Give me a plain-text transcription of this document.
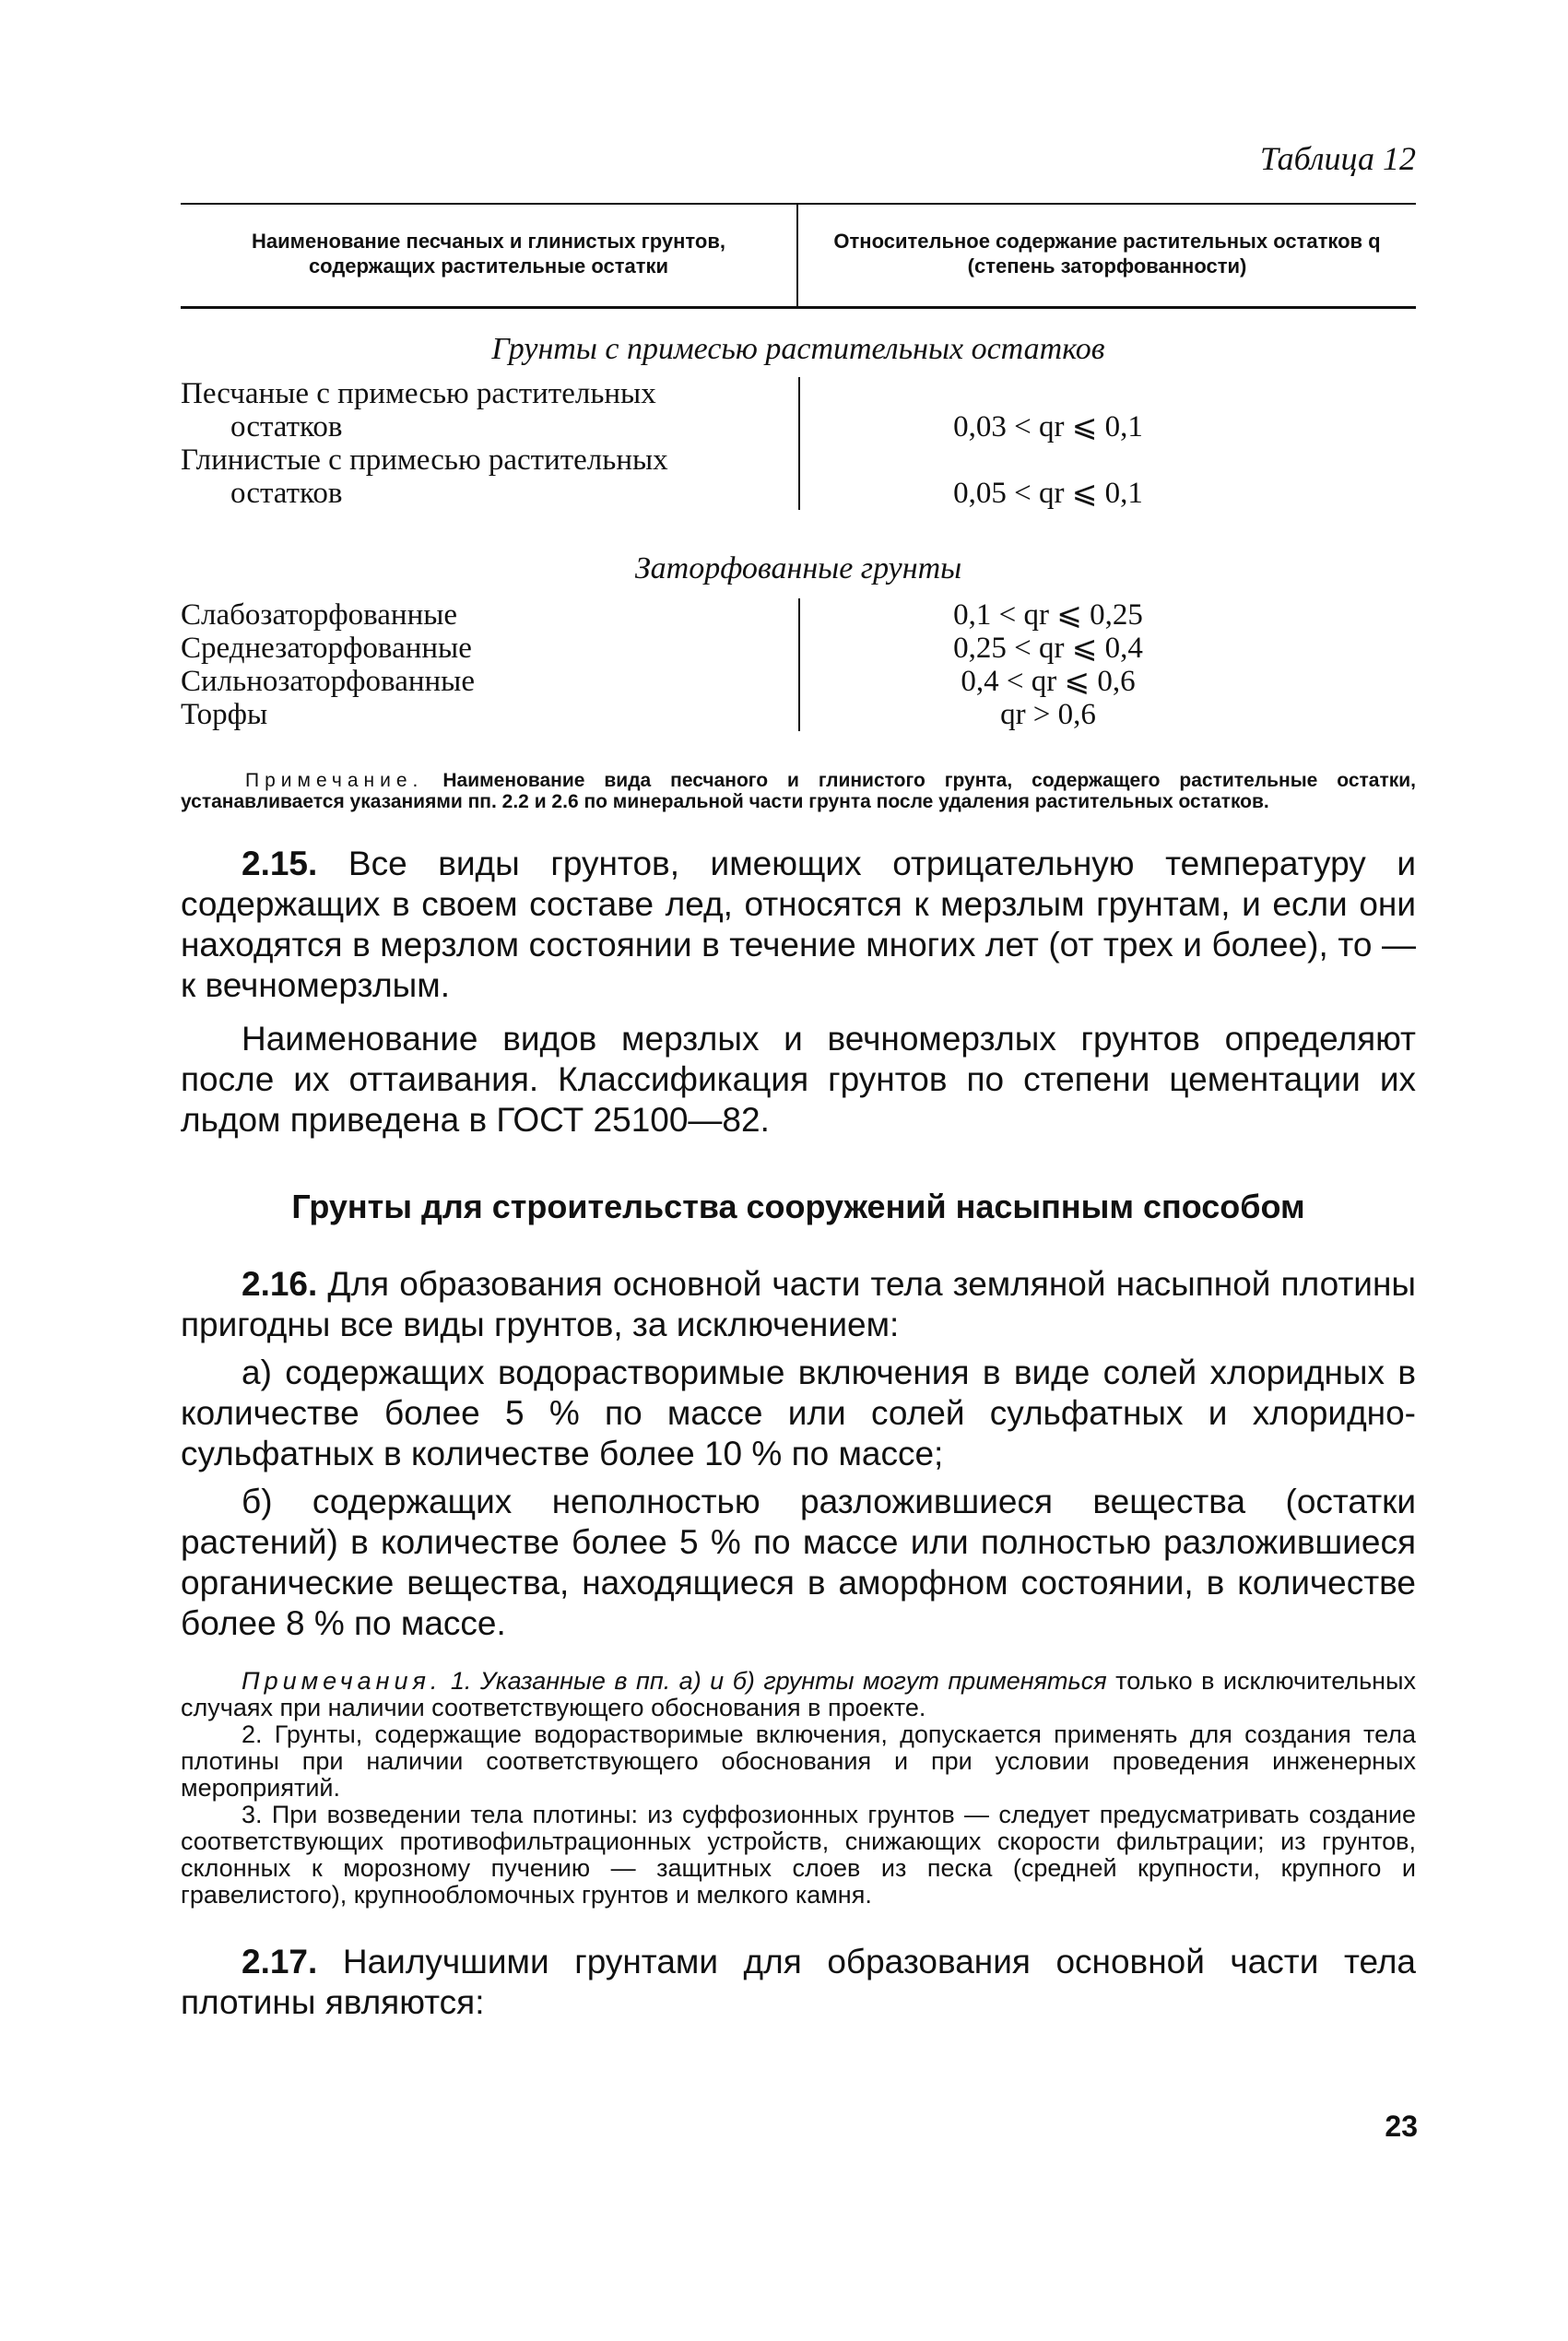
Таблица 12
Наименование песчаных и глинистых грунтов, содержащих растительные остатки
Относительное содержание растительных остатков q (степень заторфованности)
Грунты с примесью растительных остатков
Песчаные с примесью растительных
остатков
Глинистые с примесью растительных
остатков
0,03 < qr ⩽ 0,1
0,05 < qr ⩽ 0,1
Заторфованные грунты
Слабозаторфованные
Среднезаторфованные
Сильнозаторфованные
Торфы
0,1 < qr ⩽ 0,25
0,25 < qr ⩽ 0,4
0,4 < qr ⩽ 0,6
qr > 0,6

Примечание. Наименование вида песчаного и глинистого грунта, содержащего растительные остатки, устанавливается указаниями пп. 2.2 и 2.6 по минеральной части грунта после удаления растительных остатков.

2.15. Все виды грунтов, имеющих отрицательную температуру и содержащих в своем составе лед, относятся к мерзлым грунтам, и если они находятся в мерзлом состоянии в течение многих лет (от трех и более), то — к вечномерзлым.

Наименование видов мерзлых и вечномерзлых грунтов определяют после их оттаивания. Классификация грунтов по степени цементации их льдом приведена в ГОСТ 25100—82.

Грунты для строительства сооружений насыпным способом

2.16. Для образования основной части тела земляной насыпной плотины пригодны все виды грунтов, за исключением:

а) содержащих водорастворимые включения в виде солей хлоридных в количестве более 5 % по массе или солей сульфатных и хлоридно-сульфатных в количестве более 10 % по массе;

б) содержащих неполностью разложившиеся вещества (остатки растений) в количестве более 5 % по массе или полностью разложившиеся органические вещества, находящиеся в аморфном состоянии, в количестве более 8 % по массе.

Примечания. 1. Указанные в пп. а) и б) грунты могут применяться только в исключительных случаях при наличии соответствующего обоснования в проекте.

2. Грунты, содержащие водорастворимые включения, допускается применять для создания тела плотины при наличии соответствующего обоснования и при условии проведения инженерных мероприятий.

3. При возведении тела плотины: из суффозионных грунтов — следует предусматривать создание соответствующих противофильтрационных устройств, снижающих скорости фильтрации; из грунтов, склонных к морозному пучению — защитных слоев из песка (средней крупности, крупного и гравелистого), крупнообломочных грунтов и мелкого камня.

2.17. Наилучшими грунтами для образования основной части тела плотины являются:

23
